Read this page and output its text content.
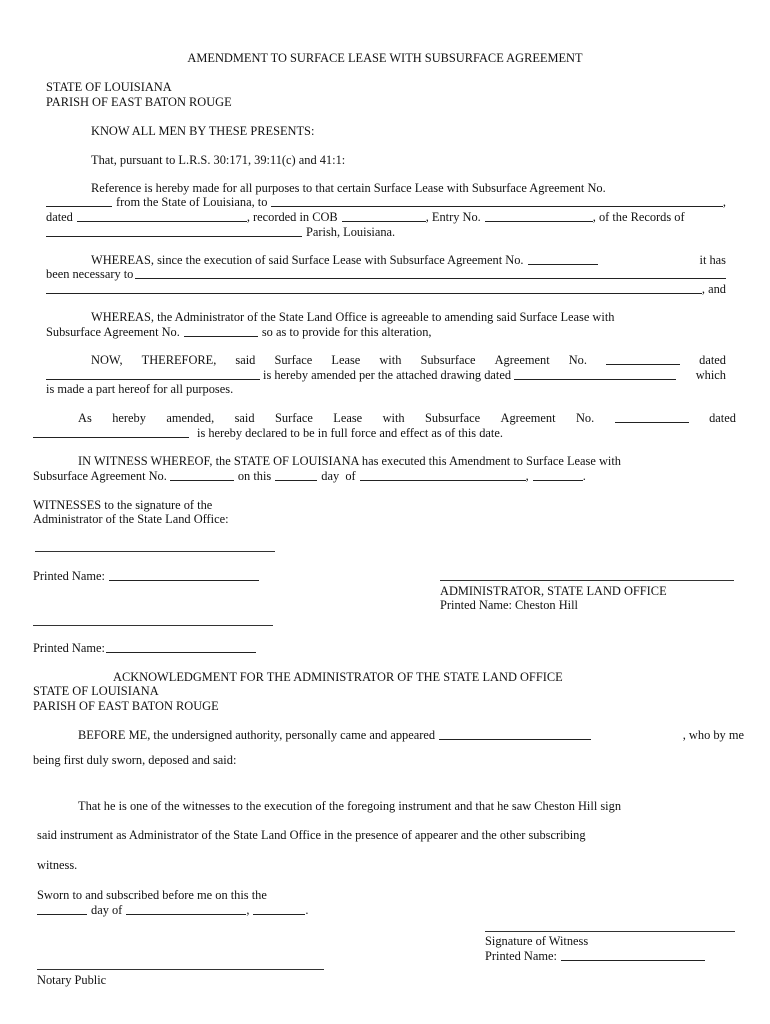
AMENDMENT TO SURFACE LEASE WITH SUBSURFACE AGREEMENT
STATE OF LOUISIANA
PARISH OF EAST BATON ROUGE
KNOW ALL MEN BY THESE PRESENTS:
That, pursuant to L.R.S. 30:171, 39:11(c) and 41:1:
Reference is hereby made for all purposes to that certain Surface Lease with Subsurface Agreement No.
from the State of Louisiana, to	,
dated	, recorded in COB	, Entry No.	, of the Records of
Parish, Louisiana.
WHEREAS, since the execution of said Surface Lease with Subsurface Agreement No.	it has
been necessary to
, and
WHEREAS, the Administrator of the State Land Office is agreeable to amending said Surface Lease with
Subsurface Agreement No.	so as to provide for this alteration,
NOW, THEREFORE, said Surface Lease with Subsurface Agreement No.	dated
is hereby amended per the attached drawing dated	which
is made a part hereof for all purposes.
As hereby amended, said Surface Lease with Subsurface Agreement No.	dated
is hereby declared to be in full force and effect as of this date.
IN WITNESS WHEREOF, the STATE OF LOUISIANA has executed this Amendment to Surface Lease with
Subsurface Agreement No.	on this	day  of	,	.
WITNESSES to the signature of the
Administrator of the State Land Office:
Printed Name:
Printed Name:
ADMINISTRATOR, STATE LAND OFFICE
Printed Name: Cheston Hill
ACKNOWLEDGMENT FOR THE ADMINISTRATOR OF THE STATE LAND OFFICE
STATE OF LOUISIANA
PARISH OF EAST BATON ROUGE
BEFORE ME, the undersigned authority, personally came and appeared	, who by me
being first duly sworn, deposed and said:
That he is one of the witnesses to the execution of the foregoing instrument and that he saw Cheston Hill sign
said instrument as Administrator of the State Land Office in the presence of appearer and the other subscribing
witness.
Sworn to and subscribed before me on this the
day of	,	.
Signature of Witness
Printed Name:
Notary Public
